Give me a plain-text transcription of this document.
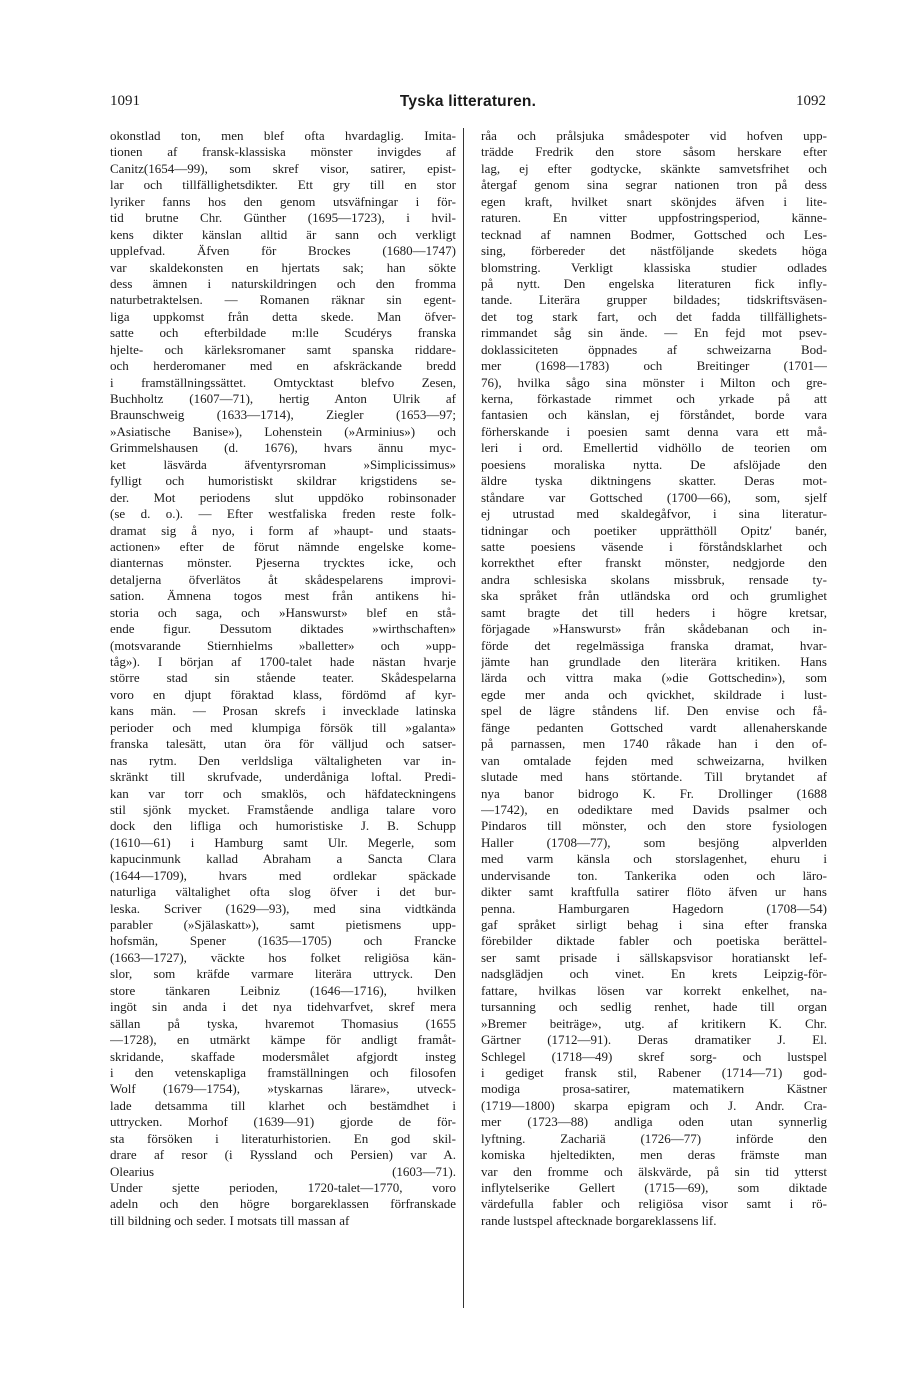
1091	Tyska litteraturen.	1092
okonstlad ton, men blef ofta hvardaglig. Imita-
tionen af fransk-klassiska mönster invigdes af
Canitz(1654—99), som skref visor, satirer, epist-
lar och tillfällighetsdikter. Ett gry till en stor
lyriker fanns hos den genom utsväfningar i för-
tid brutne Chr. Günther (1695—1723), i hvil-
kens dikter känslan alltid är sann och verkligt
upplefvad. Äfven för Brockes (1680—1747)
var skaldekonsten en hjertats sak; han sökte
dess ämnen i naturskildringen och den fromma
naturbetraktelsen. — Romanen räknar sin egent-
liga uppkomst från detta skede. Man öfver-
satte och efterbildade m:lle Scudérys franska
hjelte- och kärleksromaner samt spanska riddare-
och herderomaner med en afskräckande bredd
i framställningssättet. Omtycktast blefvo Zesen,
Buchholtz (1607—71), hertig Anton Ulrik af
Braunschweig (1633—1714), Ziegler (1653—97;
»Asiatische Banise»), Lohenstein (»Arminius») och
Grimmelshausen (d. 1676), hvars ännu myc-
ket läsvärda äfventyrsroman »Simplicissimus»
fylligt och humoristiskt skildrar krigstidens se-
der. Mot periodens slut uppdöko robinsonader
(se d. o.). — Efter westfaliska freden reste folk-
dramat sig å nyo, i form af »haupt- und staats-
actionen» efter de förut nämnde engelske kome-
dianternas mönster. Pjeserna trycktes icke, och
detaljerna öfverlätos åt skådespelarens improvi-
sation. Ämnena togos mest från antikens hi-
storia och saga, och »Hanswurst» blef en stå-
ende figur. Dessutom diktades »wirthschaften»
(motsvarande Stiernhielms »balletter» och »upp-
tåg»). I början af 1700-talet hade nästan hvarje
större stad sin stående teater. Skådespelarna
voro en djupt föraktad klass, fördömd af kyr-
kans män. — Prosan skrefs i invecklade latinska
perioder och med klumpiga försök till »galanta»
franska talesätt, utan öra för välljud och satser-
nas rytm. Den verldsliga vältaligheten var in-
skränkt till skrufvade, underdåniga loftal. Predi-
kan var torr och smaklös, och häfdateckningens
stil sjönk mycket. Framstående andliga talare voro
dock den lifliga och humoristiske J. B. Schupp
(1610—61) i Hamburg samt Ulr. Megerle, som
kapucinmunk kallad Abraham a Sancta Clara
(1644—1709), hvars med ordlekar späckade
naturliga vältalighet ofta slog öfver i det bur-
leska. Scriver (1629—93), med sina vidtkända
parabler (»Själaskatt»), samt pietismens upp-
hofsmän, Spener (1635—1705) och Francke
(1663—1727), väckte hos folket religiösa kän-
slor, som kräfde varmare literära uttryck. Den
store tänkaren Leibniz (1646—1716), hvilken
ingöt sin anda i det nya tidehvarfvet, skref mera
sällan på tyska, hvaremot Thomasius (1655
—1728), en utmärkt kämpe för andligt framåt-
skridande, skaffade modersmålet afgjordt insteg
i den vetenskapliga framställningen och filosofen
Wolf (1679—1754), »tyskarnas lärare», utveck-
lade detsamma till klarhet och bestämdhet i
uttrycken. Morhof (1639—91) gjorde de för-
sta försöken i literaturhistorien. En god skil-
drare af resor (i Ryssland och Persien) var A.
Olearius (1603—71).
Under sjette perioden, 1720-talet—1770, voro
adeln och den högre borgareklassen förfranskade
till bildning och seder. I motsats till massan af
råa och prålsjuka smådespoter vid hofven upp-
trädde Fredrik den store såsom herskare efter
lag, ej efter godtycke, skänkte samvetsfrihet och
återgaf genom sina segrar nationen tron på dess
egen kraft, hvilket snart skönjdes äfven i lite-
raturen. En vitter uppfostringsperiod, känne-
tecknad af namnen Bodmer, Gottsched och Les-
sing, förbereder det nästföljande skedets höga
blomstring. Verkligt klassiska studier odlades
på nytt. Den engelska literaturen fick infly-
tande. Literära grupper bildades; tidskriftsväsen-
det tog stark fart, och det fadda tillfällighets-
rimmandet såg sin ände. — En fejd mot psev-
doklassiciteten öppnades af schweizarna Bod-
mer (1698—1783) och Breitinger (1701—
76), hvilka sågo sina mönster i Milton och gre-
kerna, förkastade rimmet och yrkade på att
fantasien och känslan, ej förståndet, borde vara
förherskande i poesien samt denna vara ett må-
leri i ord. Emellertid vidhöllo de teorien om
poesiens moraliska nytta. De afslöjade den
äldre tyska diktningens skatter. Deras mot-
ståndare var Gottsched (1700—66), som, sjelf
ej utrustad med skaldegåfvor, i sina literatur-
tidningar och poetiker upprätthöll Opitz' banér,
satte poesiens väsende i förståndsklarhet och
korrekthet efter franskt mönster, nedgjorde den
andra schlesiska skolans missbruk, rensade ty-
ska språket från utländska ord och grumlighet
samt bragte det till heders i högre kretsar,
förjagade »Hanswurst» från skådebanan och in-
förde det regelmässiga franska dramat, hvar-
jämte han grundlade den literära kritiken. Hans
lärda och vittra maka (»die Gottschedin»), som
egde mer anda och qvickhet, skildrade i lust-
spel de lägre ståndens lif. Den envise och få-
fänge pedanten Gottsched vardt allenaherskande
på parnassen, men 1740 råkade han i den of-
van omtalade fejden med schweizarna, hvilken
slutade med hans störtande. Till brytandet af
nya banor bidrogo K. Fr. Drollinger (1688
—1742), en odediktare med Davids psalmer och
Pindaros till mönster, och den store fysiologen
Haller (1708—77), som besjöng alpverlden
med varm känsla och storslagenhet, ehuru i
undervisande ton. Tankerika oden och läro-
dikter samt kraftfulla satirer flöto äfven ur hans
penna. Hamburgaren Hagedorn (1708—54)
gaf språket sirligt behag i sina efter franska
förebilder diktade fabler och poetiska berättel-
ser samt prisade i sällskapsvisor horatianskt lef-
nadsglädjen och vinet. En krets Leipzig-för-
fattare, hvilkas lösen var korrekt enkelhet, na-
tursanning och sedlig renhet, hade till organ
»Bremer beiträge», utg. af kritikern K. Chr.
Gärtner (1712—91). Deras dramatiker J. El.
Schlegel (1718—49) skref sorg- och lustspel
i gediget fransk stil, Rabener (1714—71) god-
modiga prosa-satirer, matematikern Kästner
(1719—1800) skarpa epigram och J. Andr. Cra-
mer (1723—88) andliga oden utan synnerlig
lyftning. Zachariä (1726—77) införde den
komiska hjeltedikten, men deras främste man
var den fromme och älskvärde, på sin tid ytterst
inflytelserike Gellert (1715—69), som diktade
värdefulla fabler och religiösa visor samt i rö-
rande lustspel aftecknade borgareklassens lif.
